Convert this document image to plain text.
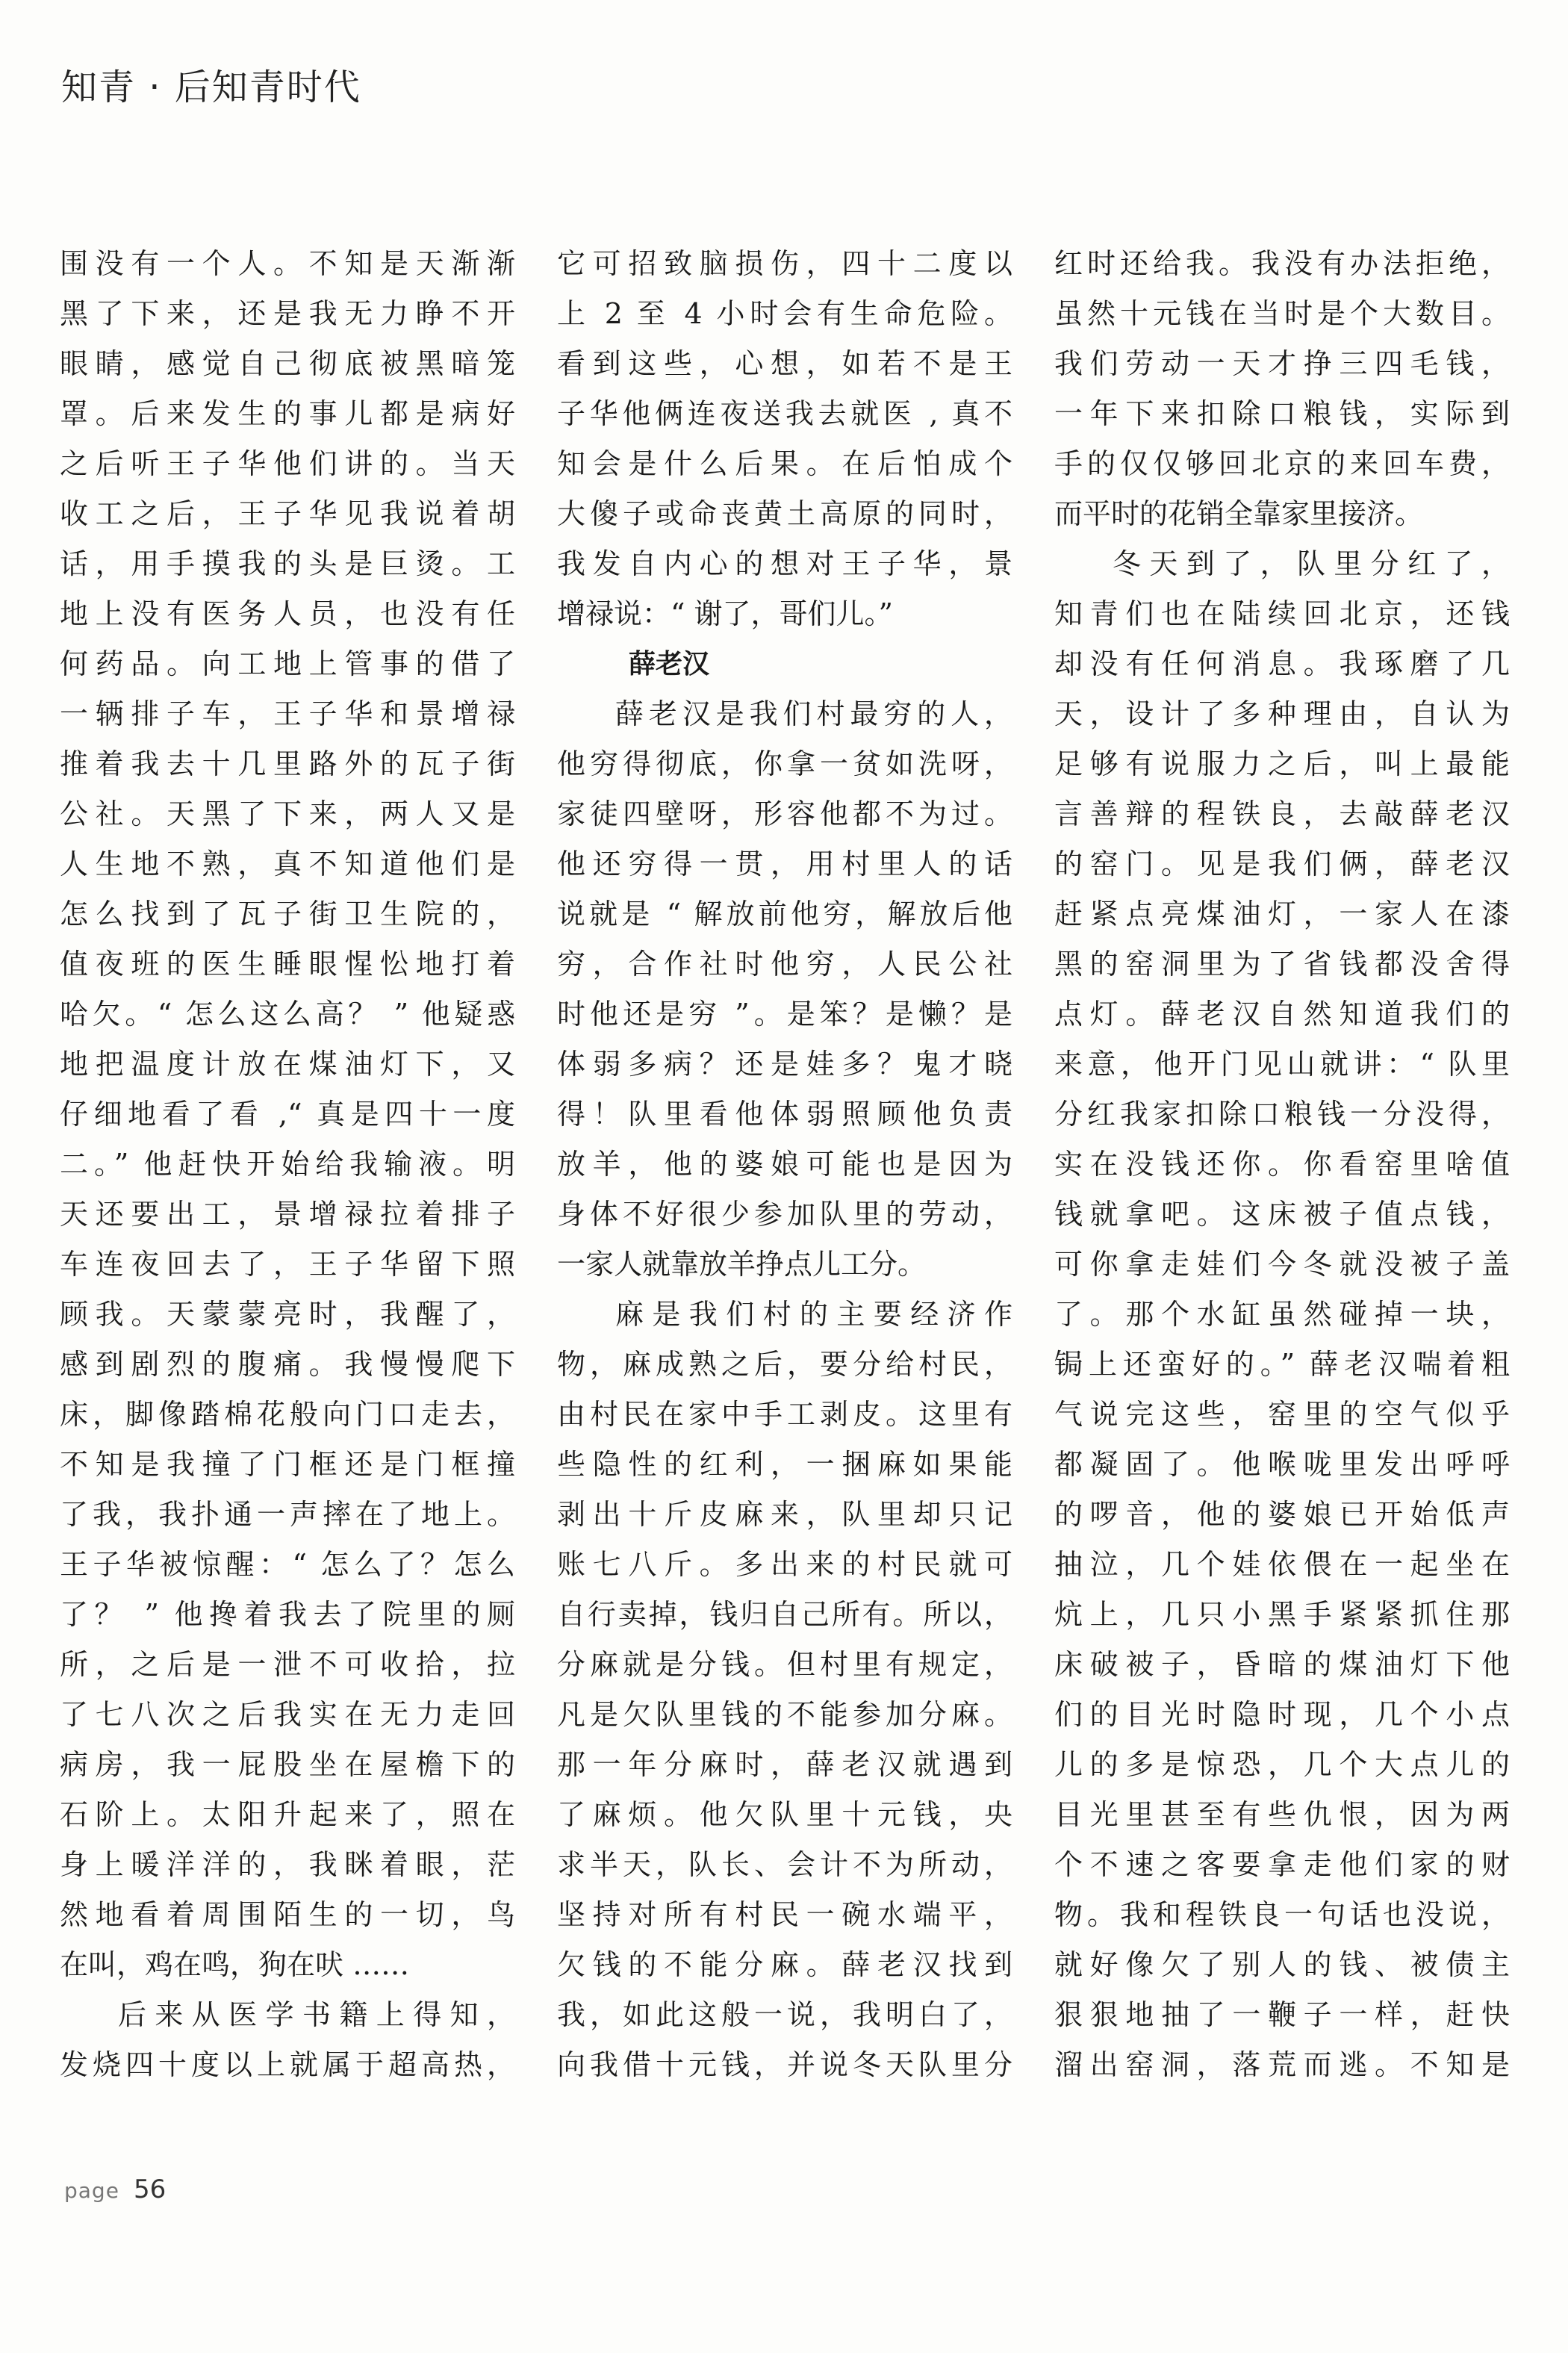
知青 · 后知青时代
围没有一个人。不知是天渐渐
黑了下来，还是我无力睁不开
眼睛，感觉自己彻底被黑暗笼
罩。后来发生的事儿都是病好
之后听王子华他们讲的。当天
收工之后，王子华见我说着胡
话，用手摸我的头是巨烫。工
地上没有医务人员，也没有任
何药品。向工地上管事的借了
一辆排子车，王子华和景增禄
推着我去十几里路外的瓦子街
公社。天黑了下来，两人又是
人生地不熟，真不知道他们是
怎么找到了瓦子街卫生院的，
值夜班的医生睡眼惺忪地打着
哈欠。“ 怎么这么高？ ” 他疑惑
地把温度计放在煤油灯下，又
仔细地看了看 ,“ 真是四十一度
二。” 他赶快开始给我输液。明
天还要出工，景增禄拉着排子
车连夜回去了，王子华留下照
顾我。天蒙蒙亮时，我醒了，
感到剧烈的腹痛。我慢慢爬下
床，脚像踏棉花般向门口走去，
不知是我撞了门框还是门框撞
了我，我扑通一声摔在了地上。
王子华被惊醒：“ 怎么了？怎么
了？ ” 他搀着我去了院里的厕
所，之后是一泄不可收拾，拉
了七八次之后我实在无力走回
病房，我一屁股坐在屋檐下的
石阶上。太阳升起来了，照在
身上暖洋洋的，我眯着眼，茫
然地看着周围陌生的一切，鸟
在叫，鸡在鸣，狗在吠 ……
后来从医学书籍上得知，
发烧四十度以上就属于超高热，
它可招致脑损伤，四十二度以
上 2 至 4 小时会有生命危险。
看到这些，心想，如若不是王
子华他俩连夜送我去就医 , 真不
知会是什么后果。在后怕成个
大傻子或命丧黄土高原的同时，
我发自内心的想对王子华，景
增禄说：“ 谢了，哥们儿。”
薛老汉
薛老汉是我们村最穷的人，
他穷得彻底，你拿一贫如洗呀，
家徒四壁呀，形容他都不为过。
他还穷得一贯，用村里人的话
说就是 “ 解放前他穷，解放后他
穷，合作社时他穷，人民公社
时他还是穷 ”。是笨？是懒？是
体弱多病？还是娃多？鬼才晓
得！队里看他体弱照顾他负责
放羊，他的婆娘可能也是因为
身体不好很少参加队里的劳动，
一家人就靠放羊挣点儿工分。
麻是我们村的主要经济作
物，麻成熟之后，要分给村民，
由村民在家中手工剥皮。这里有
些隐性的红利，一捆麻如果能
剥出十斤皮麻来，队里却只记
账七八斤。多出来的村民就可
自行卖掉，钱归自己所有。所以，
分麻就是分钱。但村里有规定，
凡是欠队里钱的不能参加分麻。
那一年分麻时，薛老汉就遇到
了麻烦。他欠队里十元钱，央
求半天，队长、会计不为所动，
坚持对所有村民一碗水端平，
欠钱的不能分麻。薛老汉找到
我，如此这般一说，我明白了，
向我借十元钱，并说冬天队里分
红时还给我。我没有办法拒绝，
虽然十元钱在当时是个大数目。
我们劳动一天才挣三四毛钱，
一年下来扣除口粮钱，实际到
手的仅仅够回北京的来回车费，
而平时的花销全靠家里接济。
冬天到了，队里分红了，
知青们也在陆续回北京，还钱
却没有任何消息。我琢磨了几
天，设计了多种理由，自认为
足够有说服力之后，叫上最能
言善辩的程铁良，去敲薛老汉
的窑门。见是我们俩，薛老汉
赶紧点亮煤油灯，一家人在漆
黑的窑洞里为了省钱都没舍得
点灯。薛老汉自然知道我们的
来意，他开门见山就讲：“ 队里
分红我家扣除口粮钱一分没得，
实在没钱还你。你看窑里啥值
钱就拿吧。这床被子值点钱，
可你拿走娃们今冬就没被子盖
了。那个水缸虽然碰掉一块，
锔上还蛮好的。” 薛老汉喘着粗
气说完这些，窑里的空气似乎
都凝固了。他喉咙里发出呼呼
的啰音，他的婆娘已开始低声
抽泣，几个娃依偎在一起坐在
炕上，几只小黑手紧紧抓住那
床破被子，昏暗的煤油灯下他
们的目光时隐时现，几个小点
儿的多是惊恐，几个大点儿的
目光里甚至有些仇恨，因为两
个不速之客要拿走他们家的财
物。我和程铁良一句话也没说，
就好像欠了别人的钱、被债主
狠狠地抽了一鞭子一样，赶快
溜出窑洞，落荒而逃。不知是
page 56
